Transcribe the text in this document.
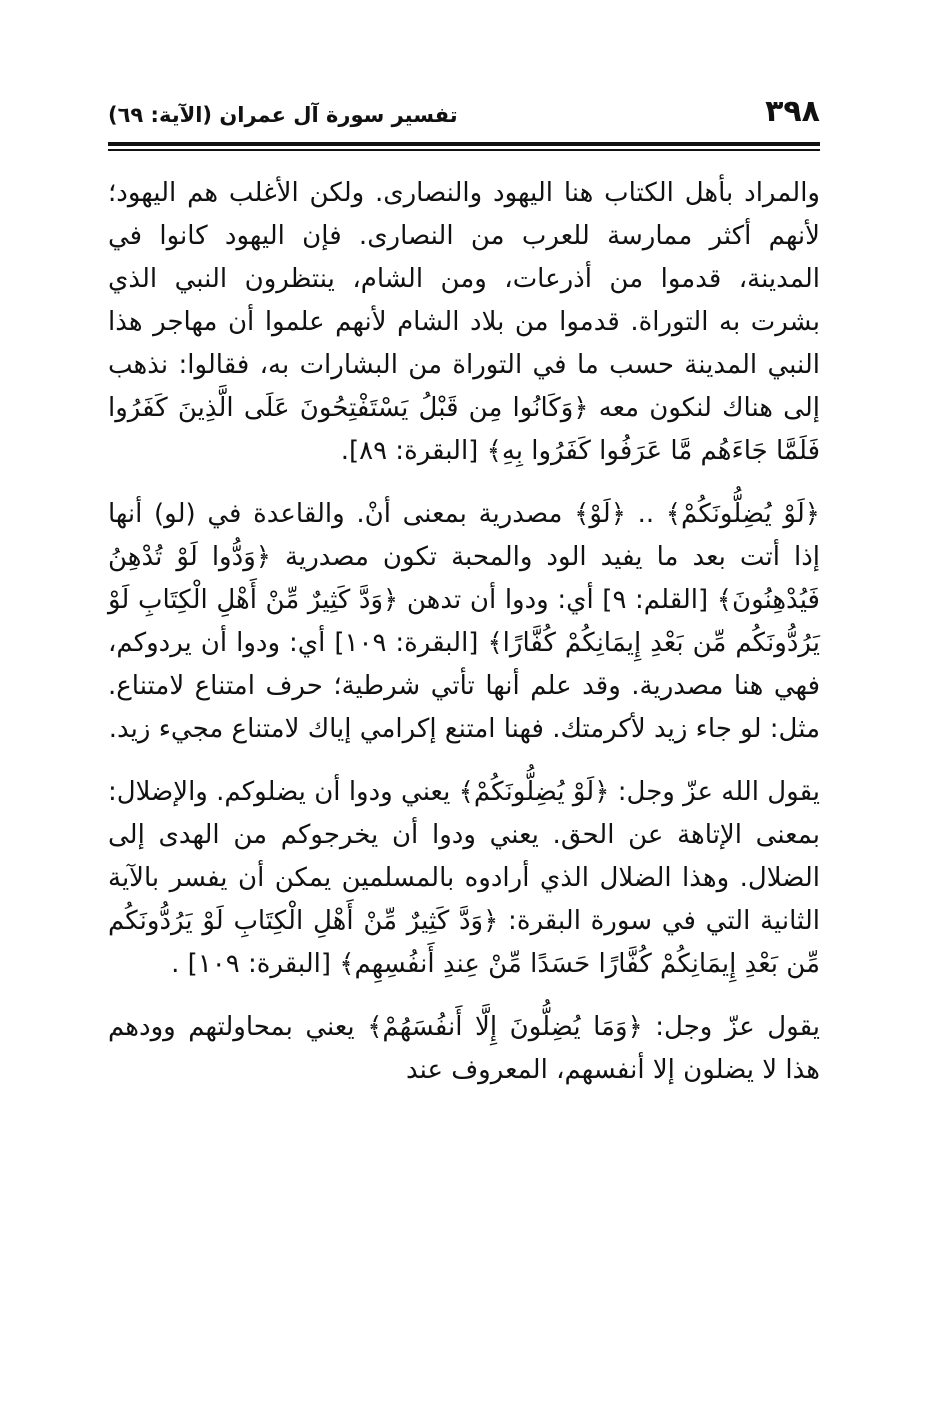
٣٩٨
تفسير سورة آل عمران (الآية: ٦٩)

والمراد بأهل الكتاب هنا اليهود والنصارى. ولكن الأغلب هم اليهود؛ لأنهم أكثر ممارسة للعرب من النصارى. فإن اليهود كانوا في المدينة، قدموا من أذرعات، ومن الشام، ينتظرون النبي الذي بشرت به التوراة. قدموا من بلاد الشام لأنهم علموا أن مهاجر هذا النبي المدينة حسب ما في التوراة من البشارات به، فقالوا: نذهب إلى هناك لنكون معه ﴿وَكَانُوا مِن قَبْلُ يَسْتَفْتِحُونَ عَلَى الَّذِينَ كَفَرُوا فَلَمَّا جَاءَهُم مَّا عَرَفُوا كَفَرُوا بِهِ﴾ [البقرة: ٨٩].

﴿لَوْ يُضِلُّونَكُمْ﴾ .. ﴿لَوْ﴾ مصدرية بمعنى أنْ. والقاعدة في (لو) أنها إذا أتت بعد ما يفيد الود والمحبة تكون مصدرية ﴿وَدُّوا لَوْ تُدْهِنُ فَيُدْهِنُونَ﴾ [القلم: ٩] أي: ودوا أن تدهن ﴿وَدَّ كَثِيرٌ مِّنْ أَهْلِ الْكِتَابِ لَوْ يَرُدُّونَكُم مِّن بَعْدِ إِيمَانِكُمْ كُفَّارًا﴾ [البقرة: ١٠٩] أي: ودوا أن يردوكم، فهي هنا مصدرية. وقد علم أنها تأتي شرطية؛ حرف امتناع لامتناع. مثل: لو جاء زيد لأكرمتك. فهنا امتنع إكرامي إياك لامتناع مجيء زيد.

يقول الله عزّ وجل: ﴿لَوْ يُضِلُّونَكُمْ﴾ يعني ودوا أن يضلوكم. والإضلال: بمعنى الإتاهة عن الحق. يعني ودوا أن يخرجوكم من الهدى إلى الضلال. وهذا الضلال الذي أرادوه بالمسلمين يمكن أن يفسر بالآية الثانية التي في سورة البقرة: ﴿وَدَّ كَثِيرٌ مِّنْ أَهْلِ الْكِتَابِ لَوْ يَرُدُّونَكُم مِّن بَعْدِ إِيمَانِكُمْ كُفَّارًا حَسَدًا مِّنْ عِندِ أَنفُسِهِم﴾ [البقرة: ١٠٩] .

يقول عزّ وجل: ﴿وَمَا يُضِلُّونَ إِلَّا أَنفُسَهُمْ﴾ يعني بمحاولتهم وودهم هذا لا يضلون إلا أنفسهم، المعروف عند
